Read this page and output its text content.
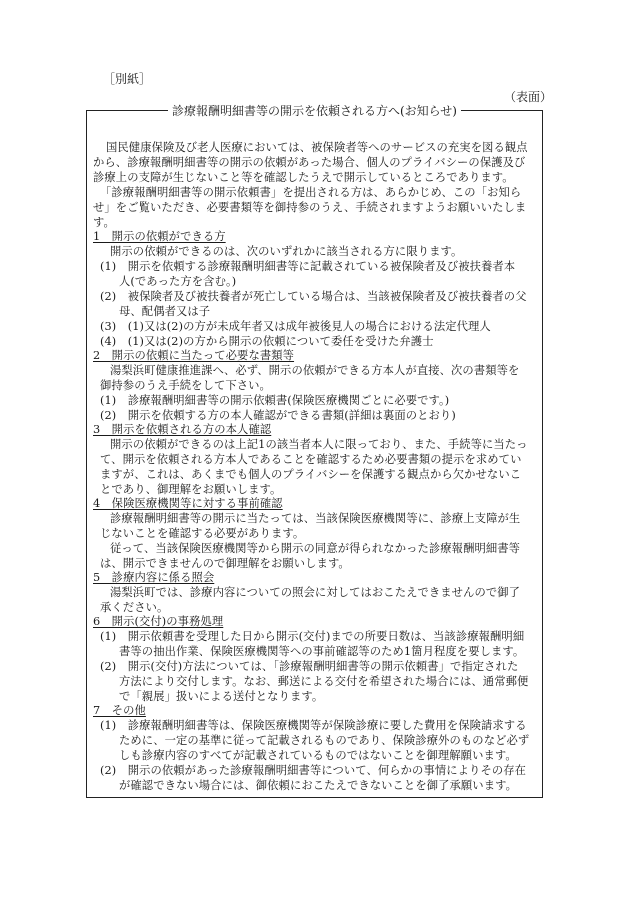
［別紙］
（表面）
診療報酬明細書等の開示を依頼される方へ(お知らせ)
国民健康保険及び老人医療においては、被保険者等へのサービスの充実を図る観点
から、診療報酬明細書等の開示の依頼があった場合、個人のプライバシーの保護及び
診療上の支障が生じないこと等を確認したうえで開示しているところであります。
「診療報酬明細書等の開示依頼書」を提出される方は、あらかじめ、この「お知ら
せ」をご覧いただき、必要書類等を御持参のうえ、手続されますようお願いいたしま
す。
1　開示の依頼ができる方
開示の依頼ができるのは、次のいずれかに該当される方に限ります。
(1)　開示を依頼する診療報酬明細書等に記載されている被保険者及び被扶養者本
人(であった方を含む。)
(2)　被保険者及び被扶養者が死亡している場合は、当該被保険者及び被扶養者の父
母、配偶者又は子
(3)　(1)又は(2)の方が未成年者又は成年被後見人の場合における法定代理人
(4)　(1)又は(2)の方から開示の依頼について委任を受けた弁護士
2　開示の依頼に当たって必要な書類等
湯梨浜町健康推進課へ、必ず、開示の依頼ができる方本人が直接、次の書類等を
御持参のうえ手続をして下さい。
(1)　診療報酬明細書等の開示依頼書(保険医療機関ごとに必要です。)
(2)　開示を依頼する方の本人確認ができる書類(詳細は裏面のとおり)
3　開示を依頼される方の本人確認
開示の依頼ができるのは上記1の該当者本人に限っており、また、手続等に当たっ
て、開示を依頼される方本人であることを確認するため必要書類の提示を求めてい
ますが、これは、あくまでも個人のプライバシーを保護する観点から欠かせないこ
とであり、御理解をお願いします。
4　保険医療機関等に対する事前確認
診療報酬明細書等の開示に当たっては、当該保険医療機関等に、診療上支障が生
じないことを確認する必要があります。
従って、当該保険医療機関等から開示の同意が得られなかった診療報酬明細書等
は、開示できませんので御理解をお願いします。
5　診療内容に係る照会
湯梨浜町では、診療内容についての照会に対してはおこたえできませんので御了
承ください。
6　開示(交付)の事務処理
(1)　開示依頼書を受理した日から開示(交付)までの所要日数は、当該診療報酬明細
書等の抽出作業、保険医療機関等への事前確認等のため1箇月程度を要します。
(2)　開示(交付)方法については、「診療報酬明細書等の開示依頼書」で指定された
方法により交付します。なお、郵送による交付を希望された場合には、通常郵便
で「親展」扱いによる送付となります。
7　その他
(1)　診療報酬明細書等は、保険医療機関等が保険診療に要した費用を保険請求する
ために、一定の基準に従って記載されるものであり、保険診療外のものなど必ず
しも診療内容のすべてが記載されているものではないことを御理解願います。
(2)　開示の依頼があった診療報酬明細書等について、何らかの事情によりその存在
が確認できない場合には、御依頼におこたえできないことを御了承願います。
